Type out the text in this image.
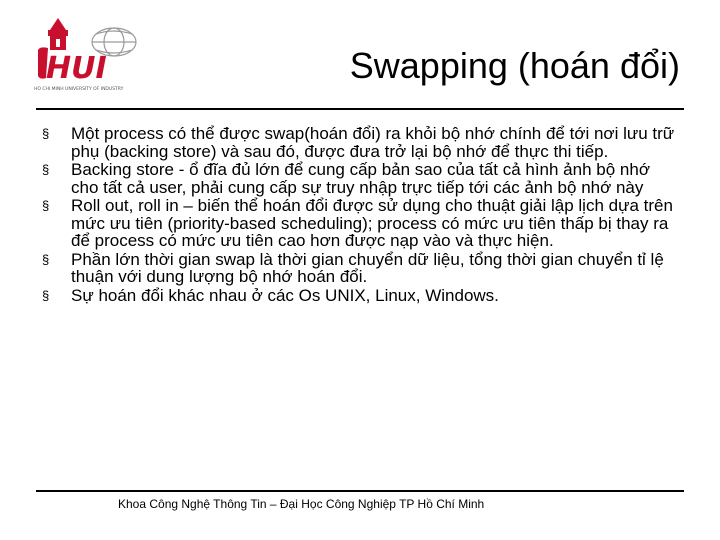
HUI
HO CHI MINH UNIVERSITY OF INDUSTRY
Swapping (hoán đổi)
§ Một process có thể được swap(hoán đổi) ra khỏi bộ nhớ chính để tới nơi lưu trữ phụ (backing store) và sau đó, được đưa trở lại bộ nhớ để thực thi tiếp.
§ Backing store - ổ đĩa đủ lớn để cung cấp bản sao của tất cả hình ảnh bộ nhớ cho tất cả user, phải cung cấp sự truy nhập trực tiếp tới các ảnh bộ nhớ này
§ Roll out, roll in – biến thể hoán đổi được sử dụng cho thuật giải lập lịch dựa trên mức ưu tiên (priority-based scheduling); process có mức ưu tiên thấp bị thay ra để process có mức ưu tiên cao hơn được nạp vào và thực hiện.
§ Phần lớn thời gian swap là thời gian chuyển dữ liệu, tổng thời gian chuyển tỉ lệ thuận với dung lượng bộ nhớ hoán đổi.
§ Sự hoán đổi khác nhau ở các Os UNIX, Linux, Windows.
Khoa Công Nghệ Thông Tin – Đại Học Công Nghiệp TP Hồ Chí Minh
